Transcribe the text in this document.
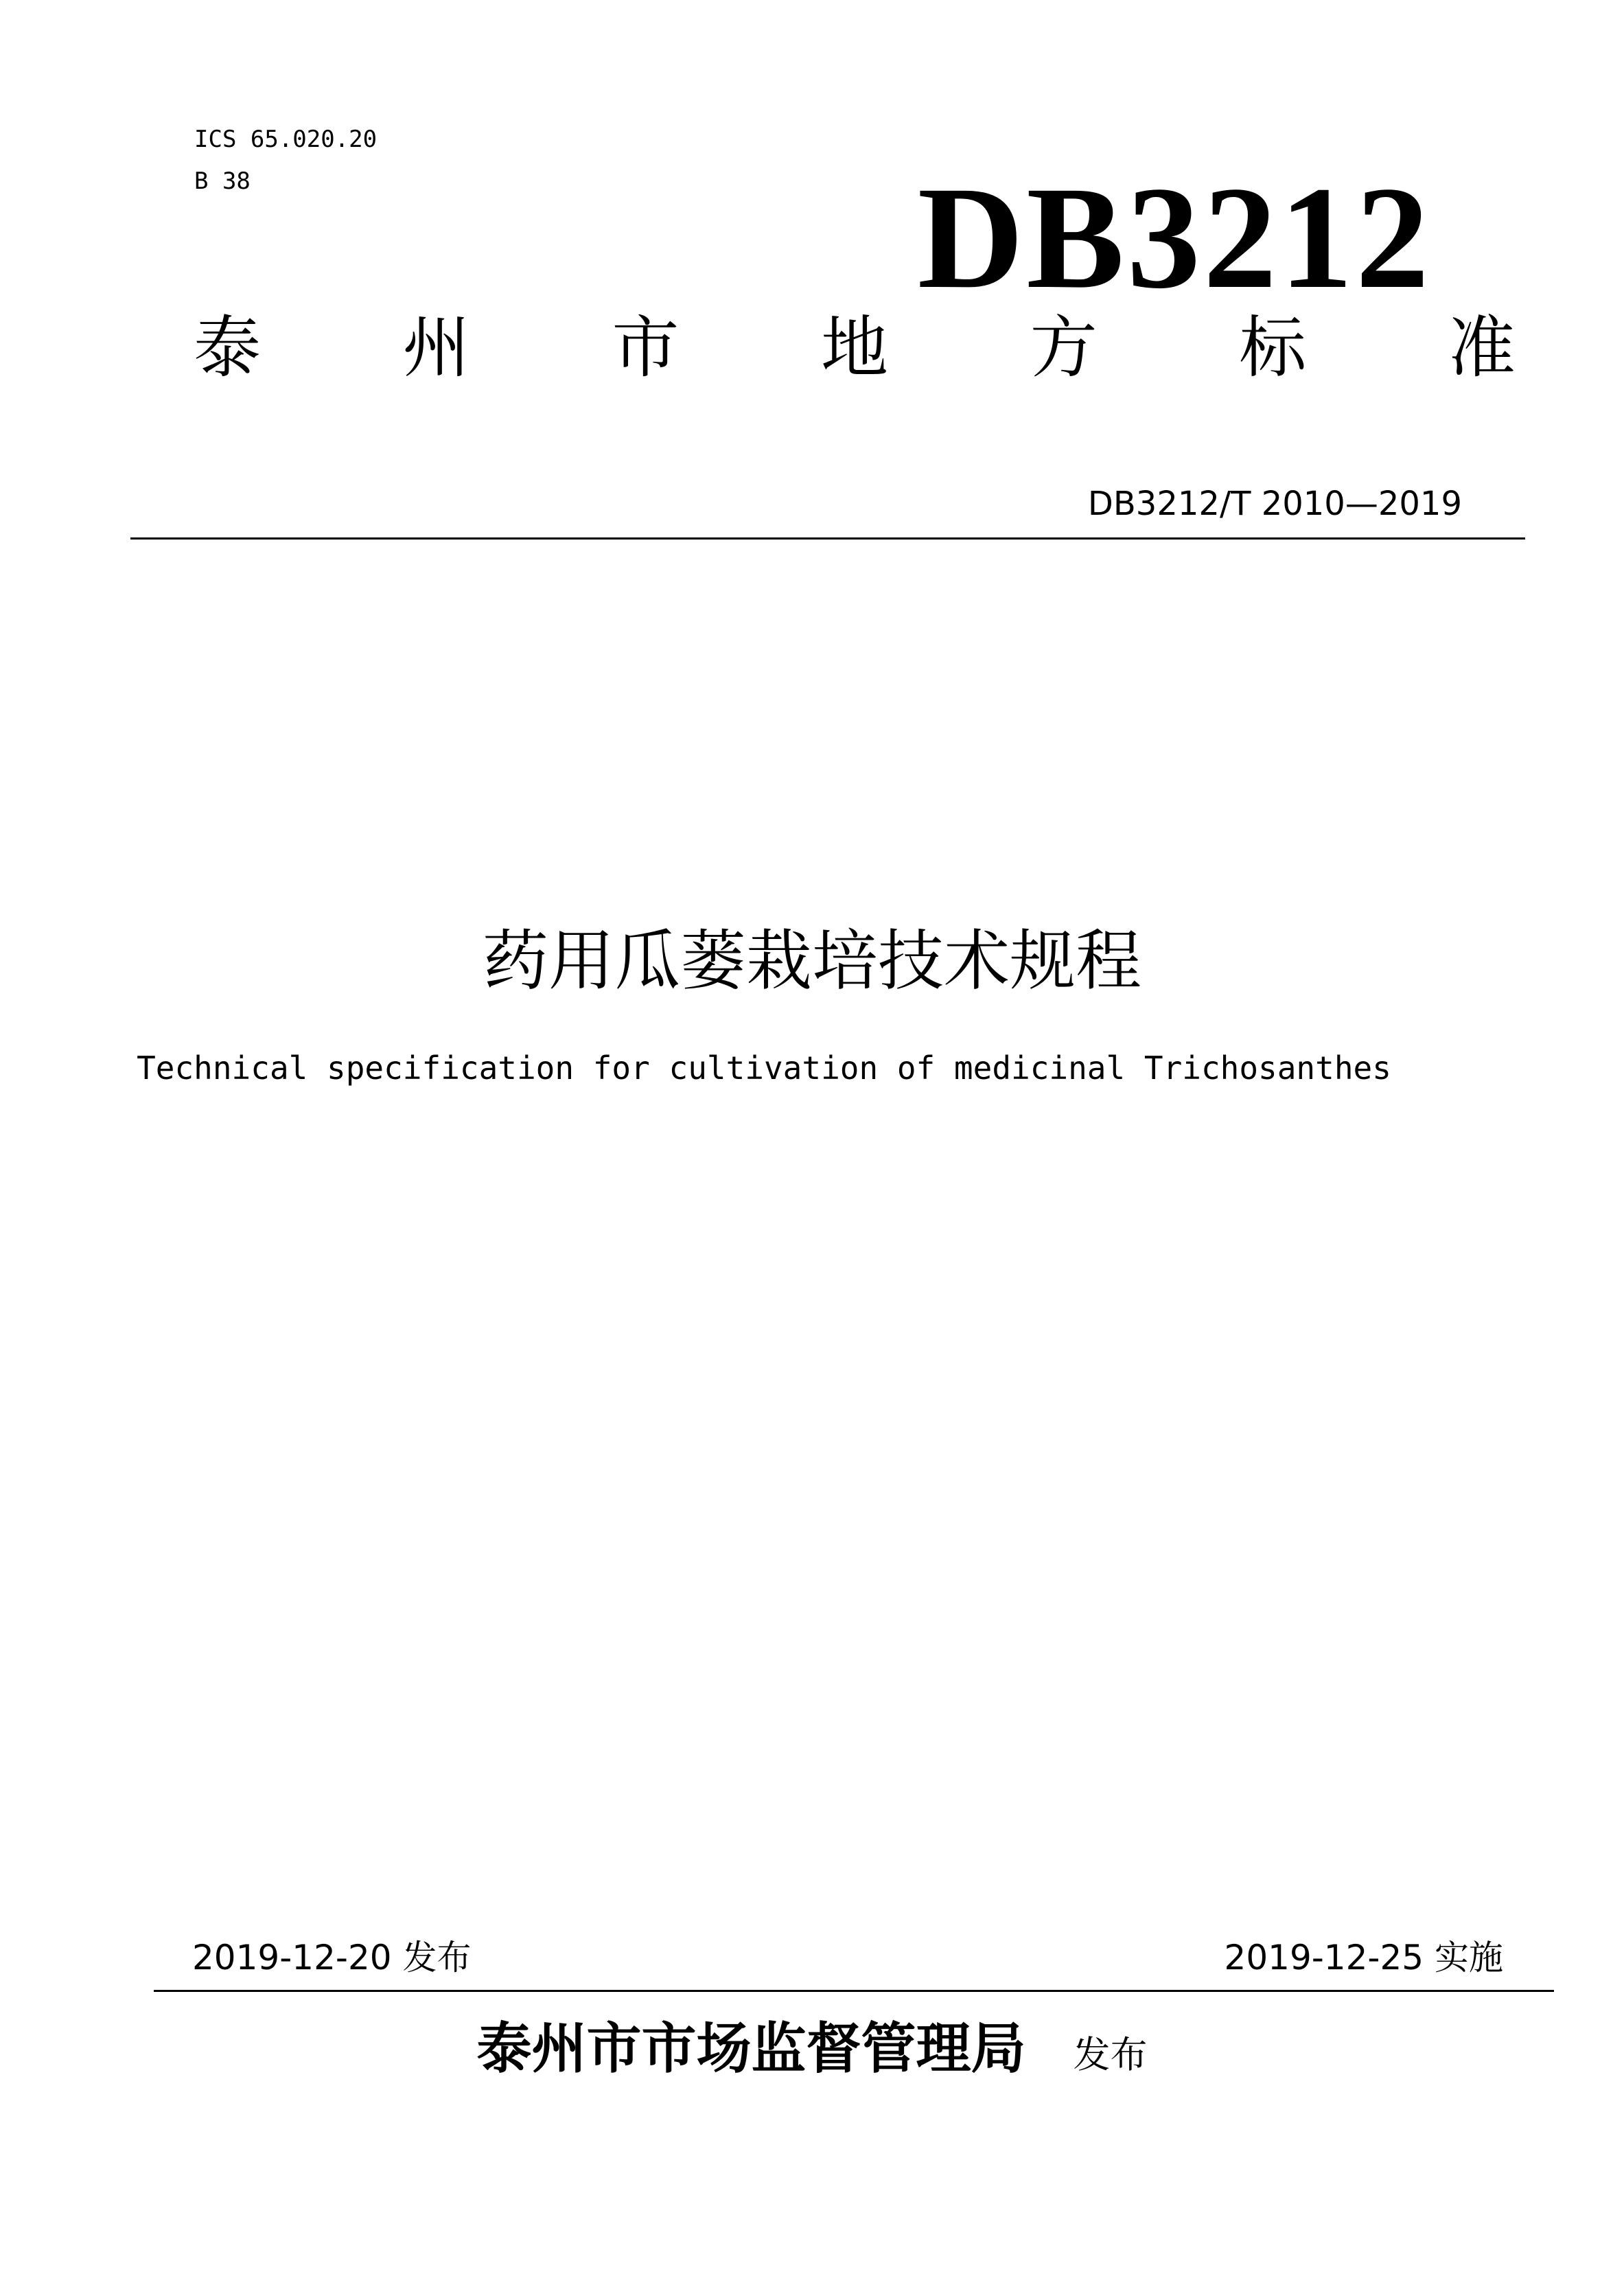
ICS 65.020.20
B 38	DB3212
泰 州 市 地 方 标 准
DB3212/T 2010—2019
药用瓜蒌栽培技术规程
Technical specification for cultivation of medicinal Trichosanthes
2019-12-20 发布	2019-12-25 实施
泰州市市场监督管理局 发布
